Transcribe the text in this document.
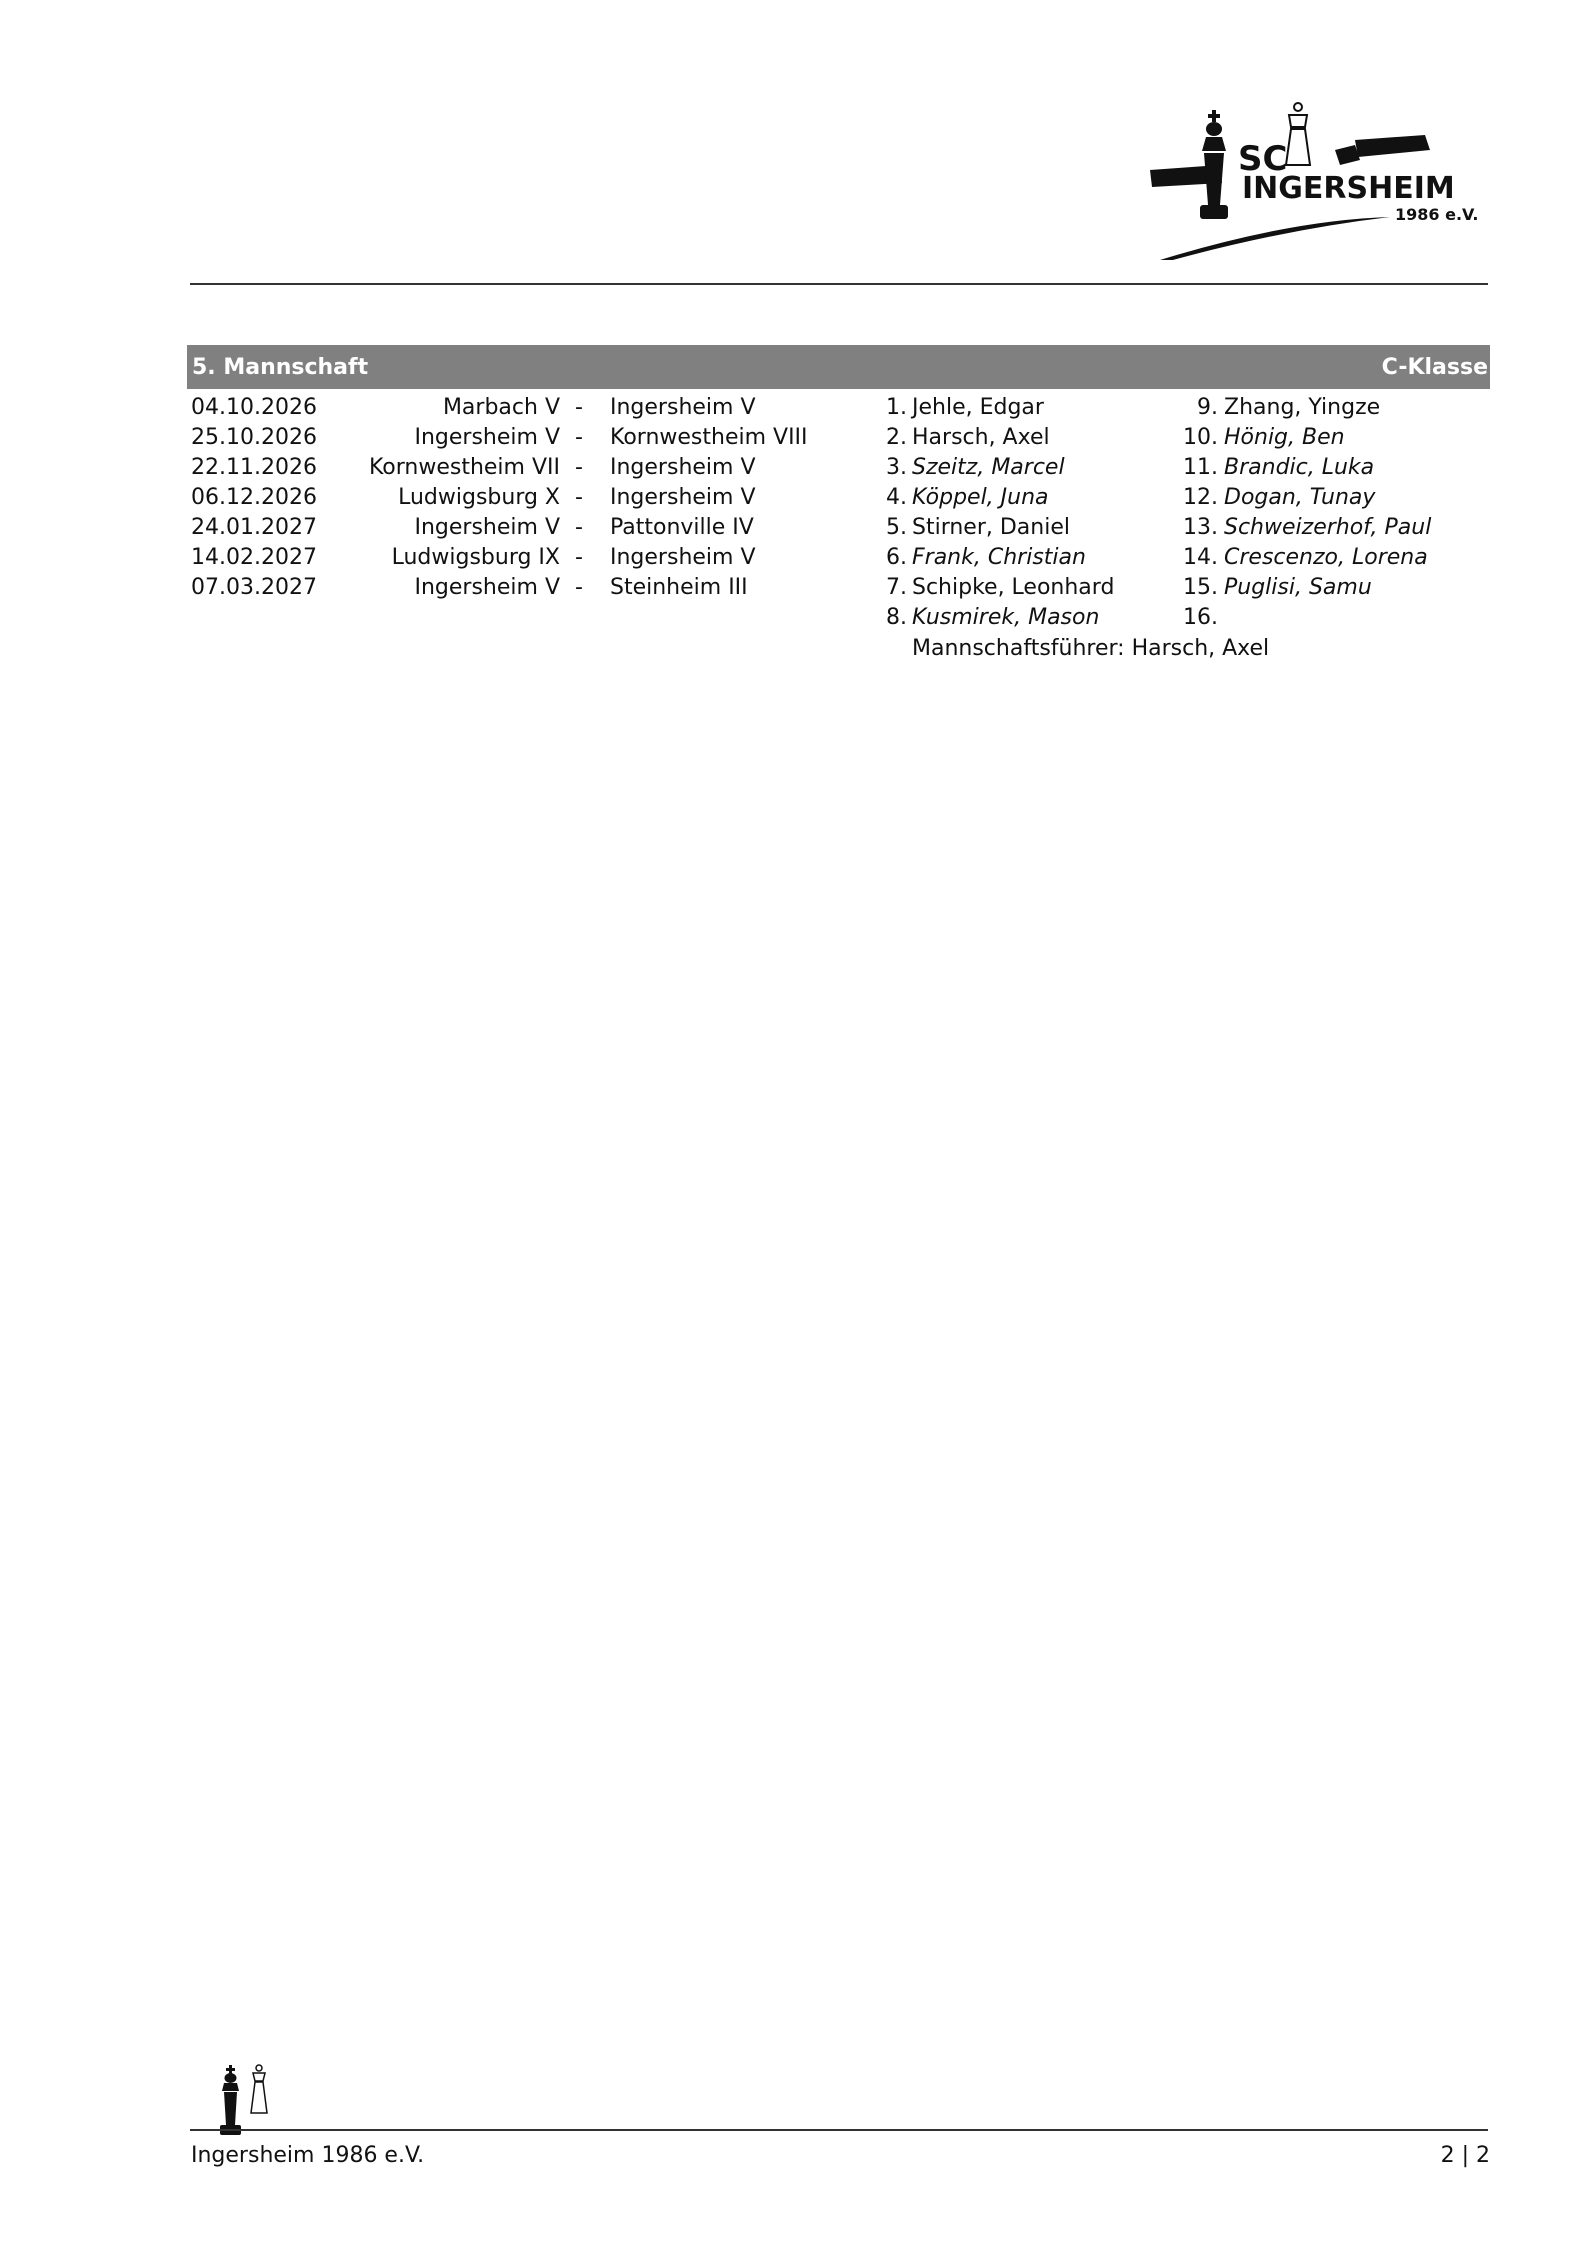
SC
INGERSHEIM
1986 e.V.
5. Mannschaft	C-Klasse
04.10.2026	Marbach V - Ingersheim V
25.10.2026	Ingersheim V - Kornwestheim VIII
22.11.2026 Kornwestheim VII - Ingersheim V
06.12.2026	Ludwigsburg X - Ingersheim V
24.01.2027	Ingersheim V - Pattonville IV
14.02.2027	Ludwigsburg IX - Ingersheim V
07.03.2027	Ingersheim V - Steinheim III
1. Jehle, Edgar
2. Harsch, Axel
3. Szeitz, Marcel
4. Köppel, Juna
5. Stirner, Daniel
6. Frank, Christian
7. Schipke, Leonhard
8. Kusmirek, Mason
9. Zhang, Yingze
10. Hönig, Ben
11. Brandic, Luka
12. Dogan, Tunay
13. Schweizerhof, Paul
14. Crescenzo, Lorena
15. Puglisi, Samu
16.
Mannschaftsführer: Harsch, Axel
Ingersheim 1986 e.V.	2 | 2
